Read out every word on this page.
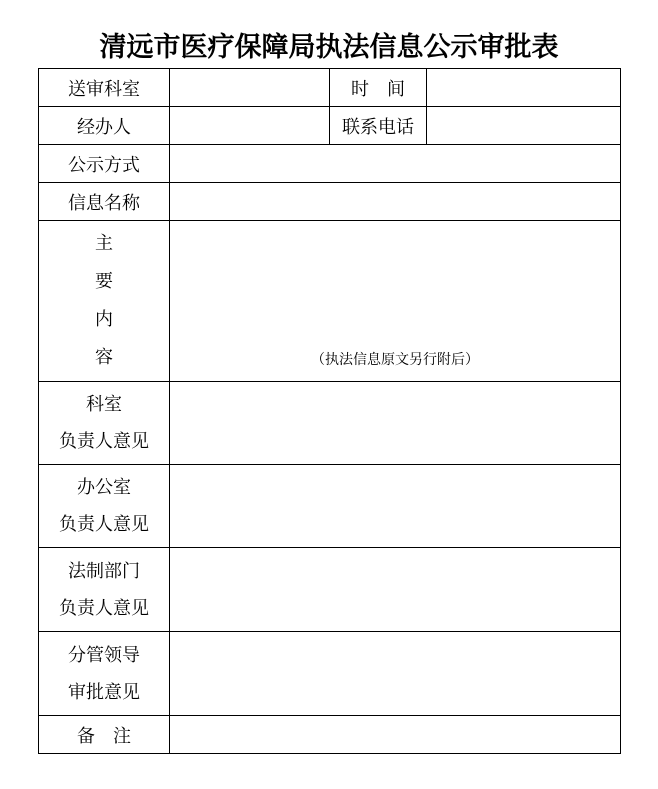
清远市医疗保障局执法信息公示审批表
送审科室		时　间	
经办人		联系电话	
公示方式			
信息名称			

主
要
内
容	（执法信息原文另行附后）		

科室
负责人意见			

办公室
负责人意见			

法制部门
负责人意见			

分管领导
审批意见			

备　注			
